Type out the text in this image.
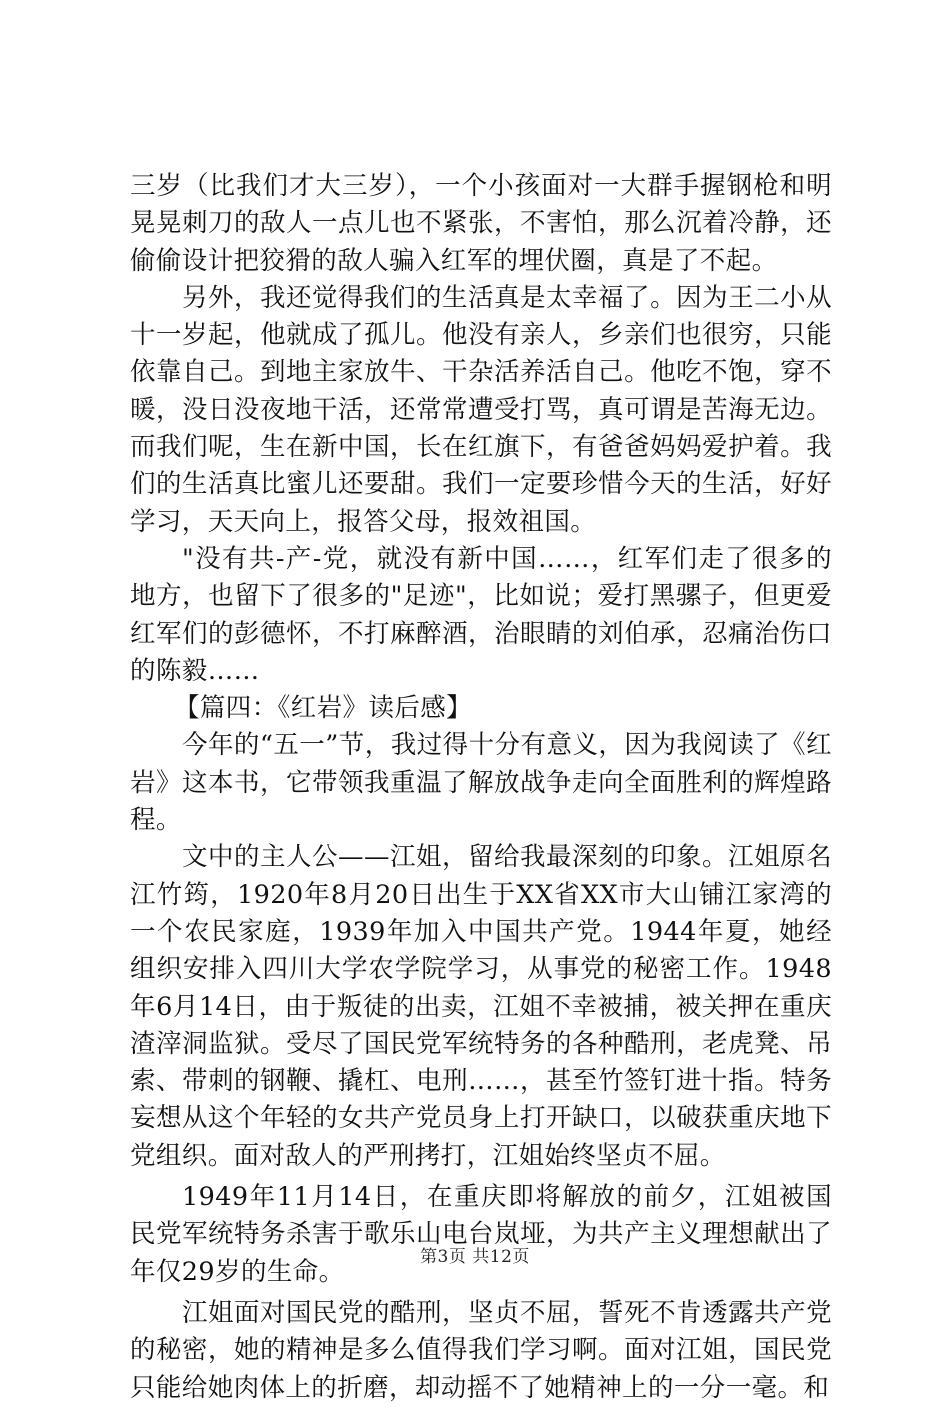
三岁（比我们才大三岁），一个小孩面对一大群手握钢枪和明晃晃刺刀的敌人一点儿也不紧张，不害怕，那么沉着冷静，还偷偷设计把狡猾的敌人骗入红军的埋伏圈，真是了不起。

另外，我还觉得我们的生活真是太幸福了。因为王二小从十一岁起，他就成了孤儿。他没有亲人，乡亲们也很穷，只能依靠自己。到地主家放牛、干杂活养活自己。他吃不饱，穿不暖，没日没夜地干活，还常常遭受打骂，真可谓是苦海无边。而我们呢，生在新中国，长在红旗下，有爸爸妈妈爱护着。我们的生活真比蜜儿还要甜。我们一定要珍惜今天的生活，好好学习，天天向上，报答父母，报效祖国。

"没有共-产-党，就没有新中国……，红军们走了很多的地方，也留下了很多的"足迹"，比如说；爱打黑骡子，但更爱红军们的彭德怀，不打麻醉酒，治眼睛的刘伯承，忍痛治伤口的陈毅……

【篇四：《红岩》读后感】

今年的“五一”节，我过得十分有意义，因为我阅读了《红岩》这本书，它带领我重温了解放战争走向全面胜利的辉煌路程。

文中的主人公——江姐，留给我最深刻的印象。江姐原名江竹筠，1920年8月20日出生于XX省XX市大山铺江家湾的一个农民家庭，1939年加入中国共产党。1944年夏，她经组织安排入四川大学农学院学习，从事党的秘密工作。1948年6月14日，由于叛徒的出卖，江姐不幸被捕，被关押在重庆渣滓洞监狱。受尽了国民党军统特务的各种酷刑，老虎凳、吊索、带刺的钢鞭、撬杠、电刑……，甚至竹签钉进十指。特务妄想从这个年轻的女共产党员身上打开缺口，以破获重庆地下党组织。面对敌人的严刑拷打，江姐始终坚贞不屈。

1949年11月14日，在重庆即将解放的前夕，江姐被国民党军统特务杀害于歌乐山电台岚垭，为共产主义理想献出了年仅29岁的生命。

江姐面对国民党的酷刑，坚贞不屈，誓死不肯透露共产党的秘密，她的精神是多么值得我们学习啊。面对江姐，国民党只能给她肉体上的折磨，却动摇不了她精神上的一分一毫。和

第3页 共12页
